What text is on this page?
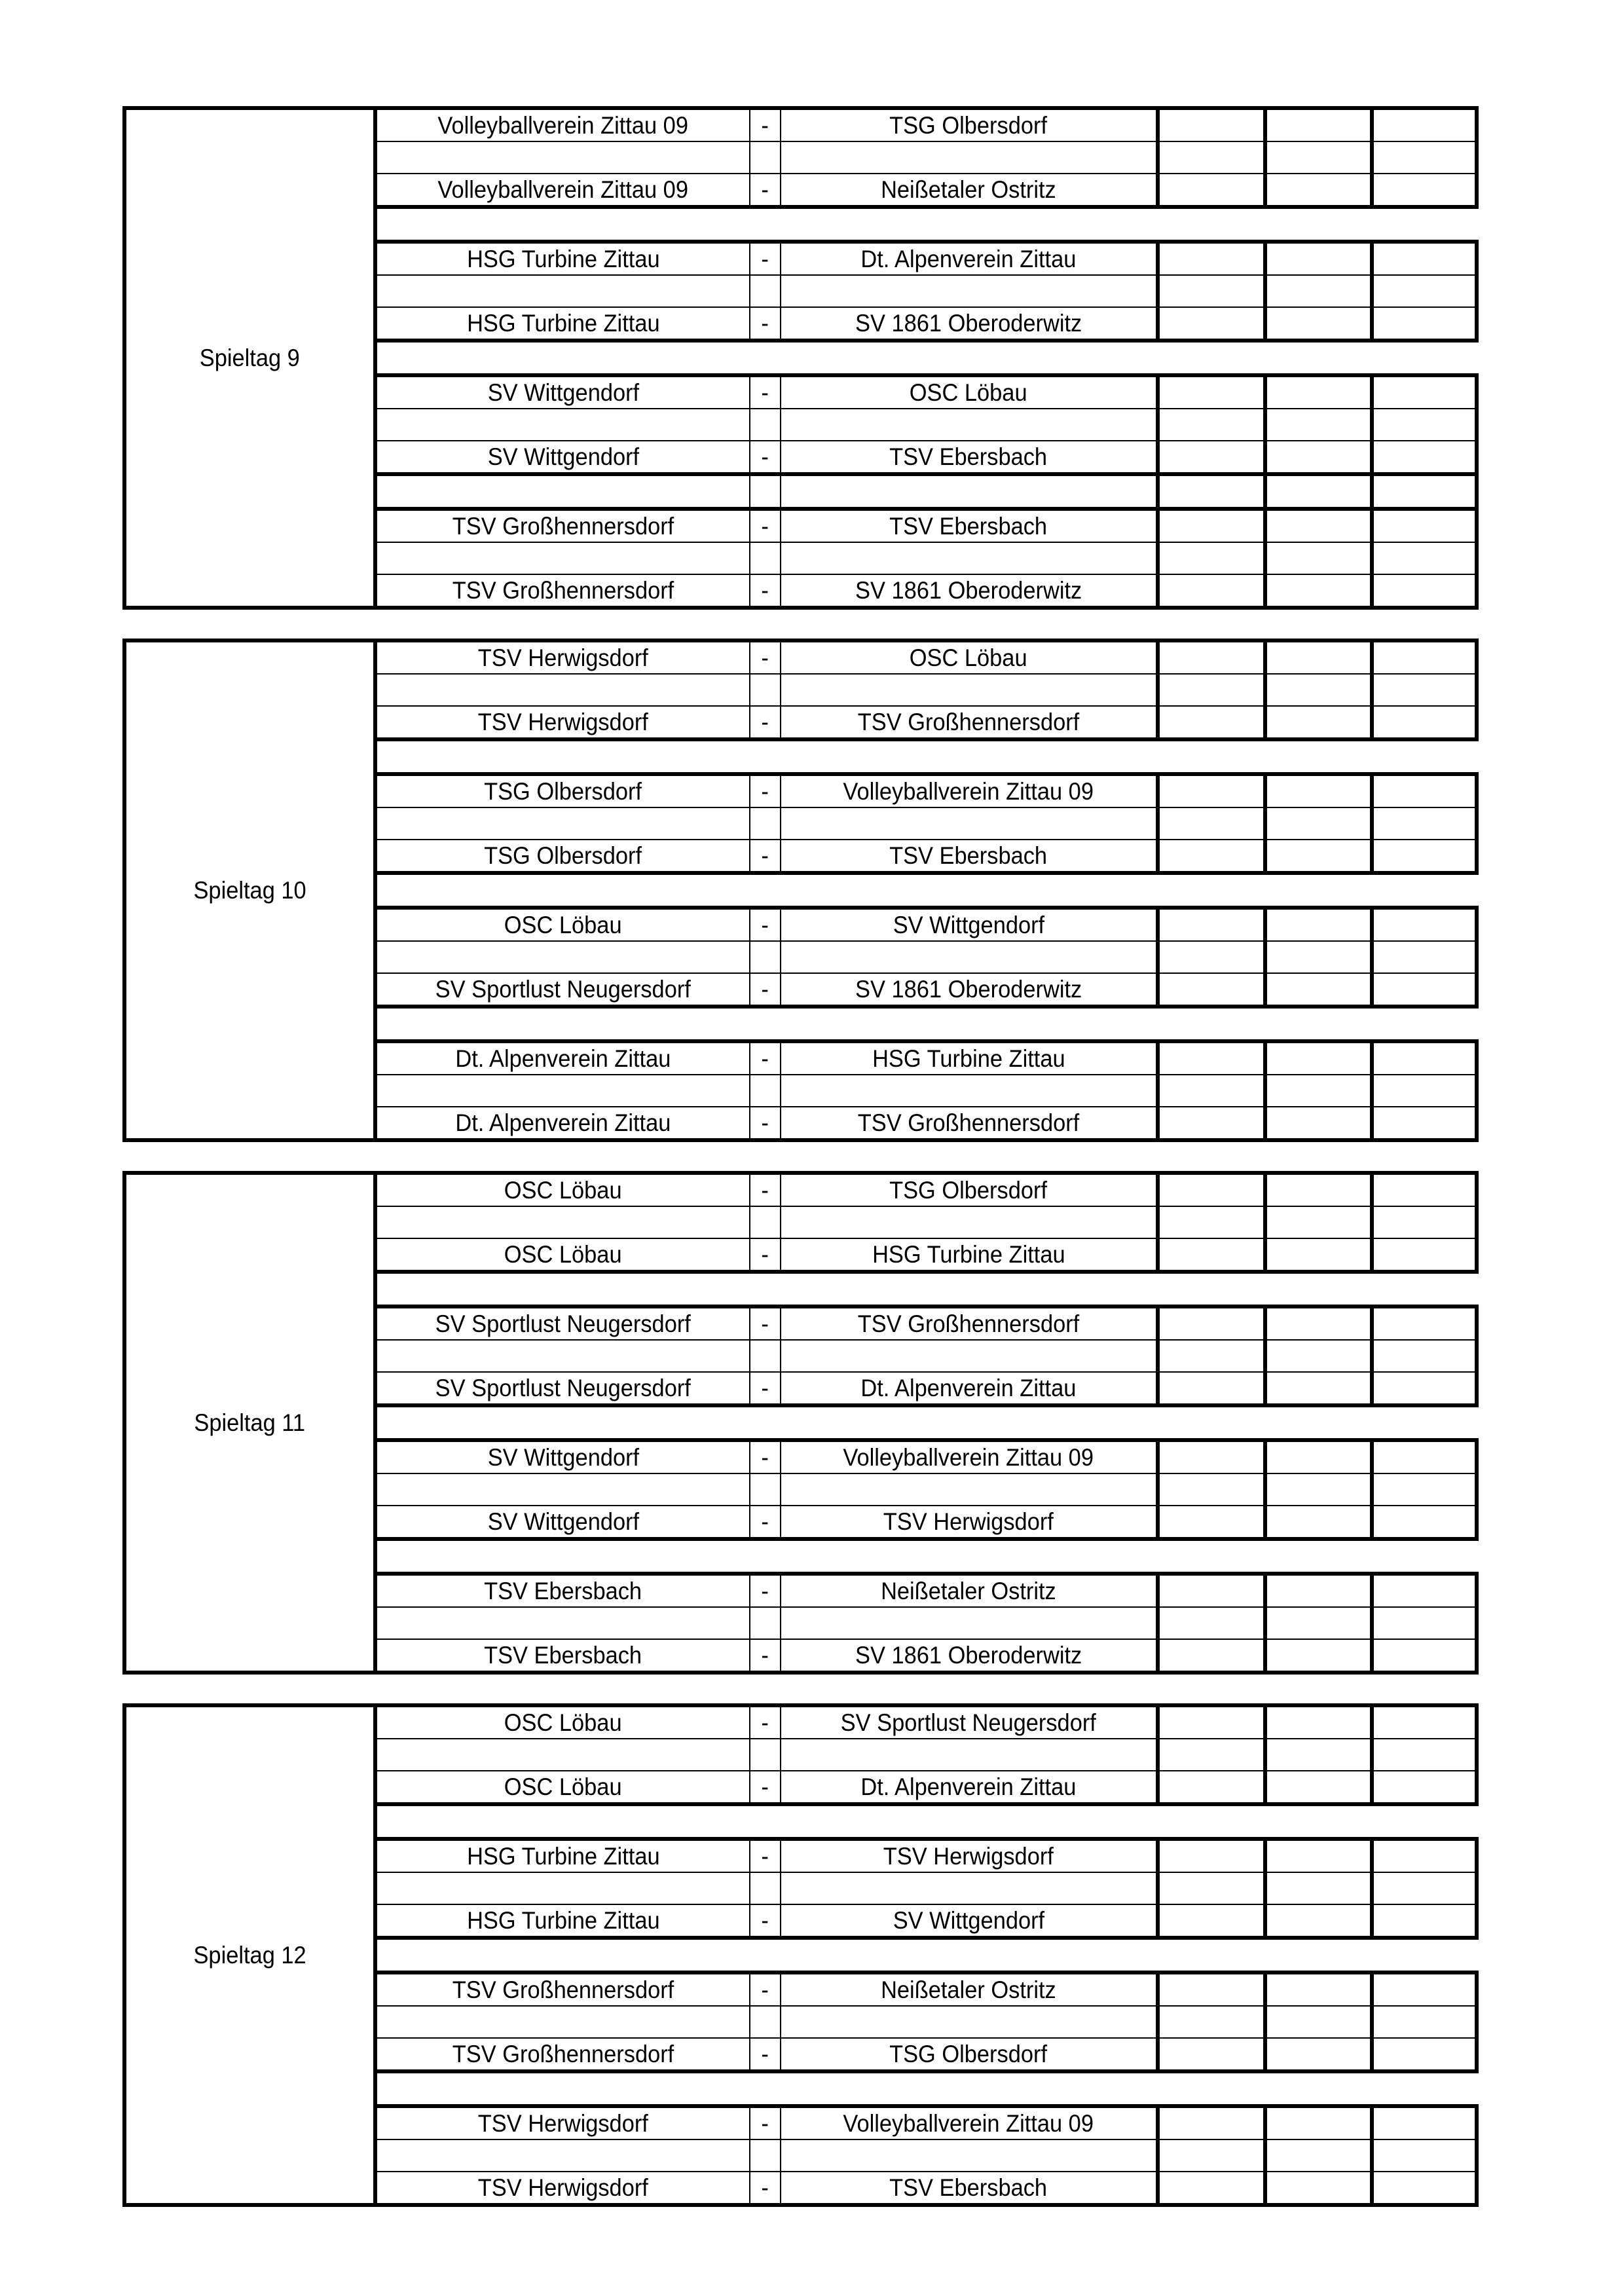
Spieltag 9	Volleyballverein Zittau 09	-	TSG Olbersdorf			

	Volleyballverein Zittau 09	-	Neißetaler Ostritz			

	HSG Turbine Zittau	-	Dt. Alpenverein Zittau			

	HSG Turbine Zittau	-	SV 1861 Oberoderwitz			

	SV Wittgendorf	-	OSC Löbau			

	SV Wittgendorf	-	TSV Ebersbach			

	TSV Großhennersdorf	-	TSV Ebersbach			

	TSV Großhennersdorf	-	SV 1861 Oberoderwitz			
Spieltag 10	TSV Herwigsdorf	-	OSC Löbau			

	TSV Herwigsdorf	-	TSV Großhennersdorf			

	TSG Olbersdorf	-	Volleyballverein Zittau 09			

	TSG Olbersdorf	-	TSV Ebersbach			

	OSC Löbau	-	SV Wittgendorf			

	SV Sportlust Neugersdorf	-	SV 1861 Oberoderwitz			

	Dt. Alpenverein Zittau	-	HSG Turbine Zittau			

	Dt. Alpenverein Zittau	-	TSV Großhennersdorf			
Spieltag 11	OSC Löbau	-	TSG Olbersdorf			

	OSC Löbau	-	HSG Turbine Zittau			

	SV Sportlust Neugersdorf	-	TSV Großhennersdorf			

	SV Sportlust Neugersdorf	-	Dt. Alpenverein Zittau			

	SV Wittgendorf	-	Volleyballverein Zittau 09			

	SV Wittgendorf	-	TSV Herwigsdorf			

	TSV Ebersbach	-	Neißetaler Ostritz			

	TSV Ebersbach	-	SV 1861 Oberoderwitz			
Spieltag 12	OSC Löbau	-	SV Sportlust Neugersdorf			

	OSC Löbau	-	Dt. Alpenverein Zittau			

	HSG Turbine Zittau	-	TSV Herwigsdorf			

	HSG Turbine Zittau	-	SV Wittgendorf			

	TSV Großhennersdorf	-	Neißetaler Ostritz			

	TSV Großhennersdorf	-	TSG Olbersdorf			

	TSV Herwigsdorf	-	Volleyballverein Zittau 09			

	TSV Herwigsdorf	-	TSV Ebersbach			
